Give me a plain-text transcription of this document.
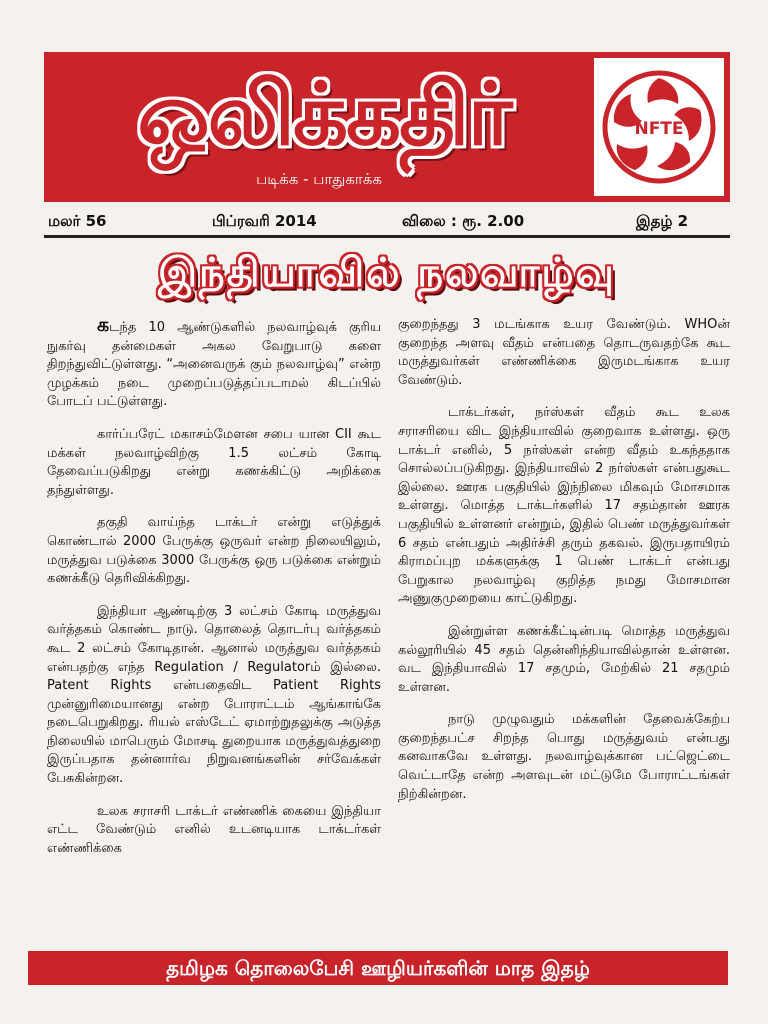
ஒலிக்கதிர்
படிக்க - பாதுகாக்க
NFTE
மலர் 56	பிப்ரவரி 2014	விலை : ரூ. 2.00	இதழ் 2
இந்தியாவில் நலவாழ்வு

கடந்த 10 ஆண்டுகளில் நலவாழ்வுக் குரிய நுகர்வு தன்மைகள் அகல வேறுபாடு களை திறந்துவிட்டுள்ளது. “அனைவருக் கும் நலவாழ்வு” என்ற முழக்கம் நடை முறைப்படுத்தப்படாமல் கிடப்பில் போடப் பட்டுள்ளது.

கார்ப்பரேட் மகாசம்மேளன சபை யான CII கூட மக்கள் நலவாழ்விற்கு 1.5 லட்சம் கோடி தேவைப்படுகிறது என்று கணக்கிட்டு அறிக்கை தந்துள்ளது.

தகுதி வாய்ந்த டாக்டர் என்று எடுத்துக் கொண்டால் 2000 பேருக்கு ஒருவர் என்ற நிலையிலும், மருத்துவ படுக்கை 3000 பேருக்கு ஒரு படுக்கை என்றும் கணக்கீடு தெரிவிக்கிறது.

இந்தியா ஆண்டிற்கு 3 லட்சம் கோடி மருத்துவ வர்த்தகம் கொண்ட நாடு. தொலைத் தொடர்பு வர்த்தகம் கூட 2 லட்சம் கோடிதான். ஆனால் மருத்துவ வர்த்தகம் என்பதற்கு எந்த Regulation / Regulatorம் இல்லை. Patent Rights என்பதைவிட Patient Rights முன்னுரிமையானது என்ற போராட்டம் ஆங்காங்கே நடைபெறுகிறது. ரியல் எஸ்டேட் ஏமாற்றுதலுக்கு அடுத்த நிலையில் மாபெரும் மோசடி துறையாக மருத்துவத்துறை இருப்பதாக தன்னார்வ நிறுவனங்களின் சர்வேக்கள் பேசுகின்றன.

உலக சராசரி டாக்டர் எண்ணிக் கையை இந்தியா எட்ட வேண்டும் எனில் உடனடியாக டாக்டர்கள் எண்ணிக்கை

குறைந்தது 3 மடங்காக உயர வேண்டும். WHOன் குறைந்த அளவு வீதம் என்பதை தொடருவதற்கே கூட மருத்துவர்கள் எண்ணிக்கை இருமடங்காக உயர வேண்டும்.

டாக்டர்கள், நர்ஸ்கள் வீதம் கூட உலக சராசரியை விட இந்தியாவில் குறைவாக உள்ளது. ஒரு டாக்டர் எனில், 5 நர்ஸ்கள் என்ற வீதம் உகந்ததாக சொல்லப்படுகிறது. இந்தியாவில் 2 நர்ஸ்கள் என்பதுகூட இல்லை. ஊரக பகுதியில் இந்நிலை மிகவும் மோசமாக உள்ளது. மொத்த டாக்டர்களில் 17 சதம்தான் ஊரக பகுதியில் உள்ளனர் என்றும், இதில் பெண் மருத்துவர்கள் 6 சதம் என்பதும் அதிர்ச்சி தரும் தகவல். இருபதாயிரம் கிராமப்புற மக்களுக்கு 1 பெண் டாக்டர் என்பது பேறுகால நலவாழ்வு குறித்த நமது மோசமான அணுகுமுறையை காட்டுகிறது.

இன்றுள்ள கணக்கீட்டின்படி மொத்த மருத்துவ கல்லூரியில் 45 சதம் தென்னிந்தியாவில்தான் உள்ளன. வட இந்தியாவில் 17 சதமும், மேற்கில் 21 சதமும் உள்ளன.

நாடு முழுவதும் மக்களின் தேவைக்கேற்ப குறைந்தபட்ச சிறந்த பொது மருத்துவம் என்பது கனவாகவே உள்ளது. நலவாழ்வுக்கான பட்ஜெட்டை வெட்டாதே என்ற அளவுடன் மட்டுமே போராட்டங்கள் நிற்கின்றன.

தமிழக தொலைபேசி ஊழியர்களின் மாத இதழ்
